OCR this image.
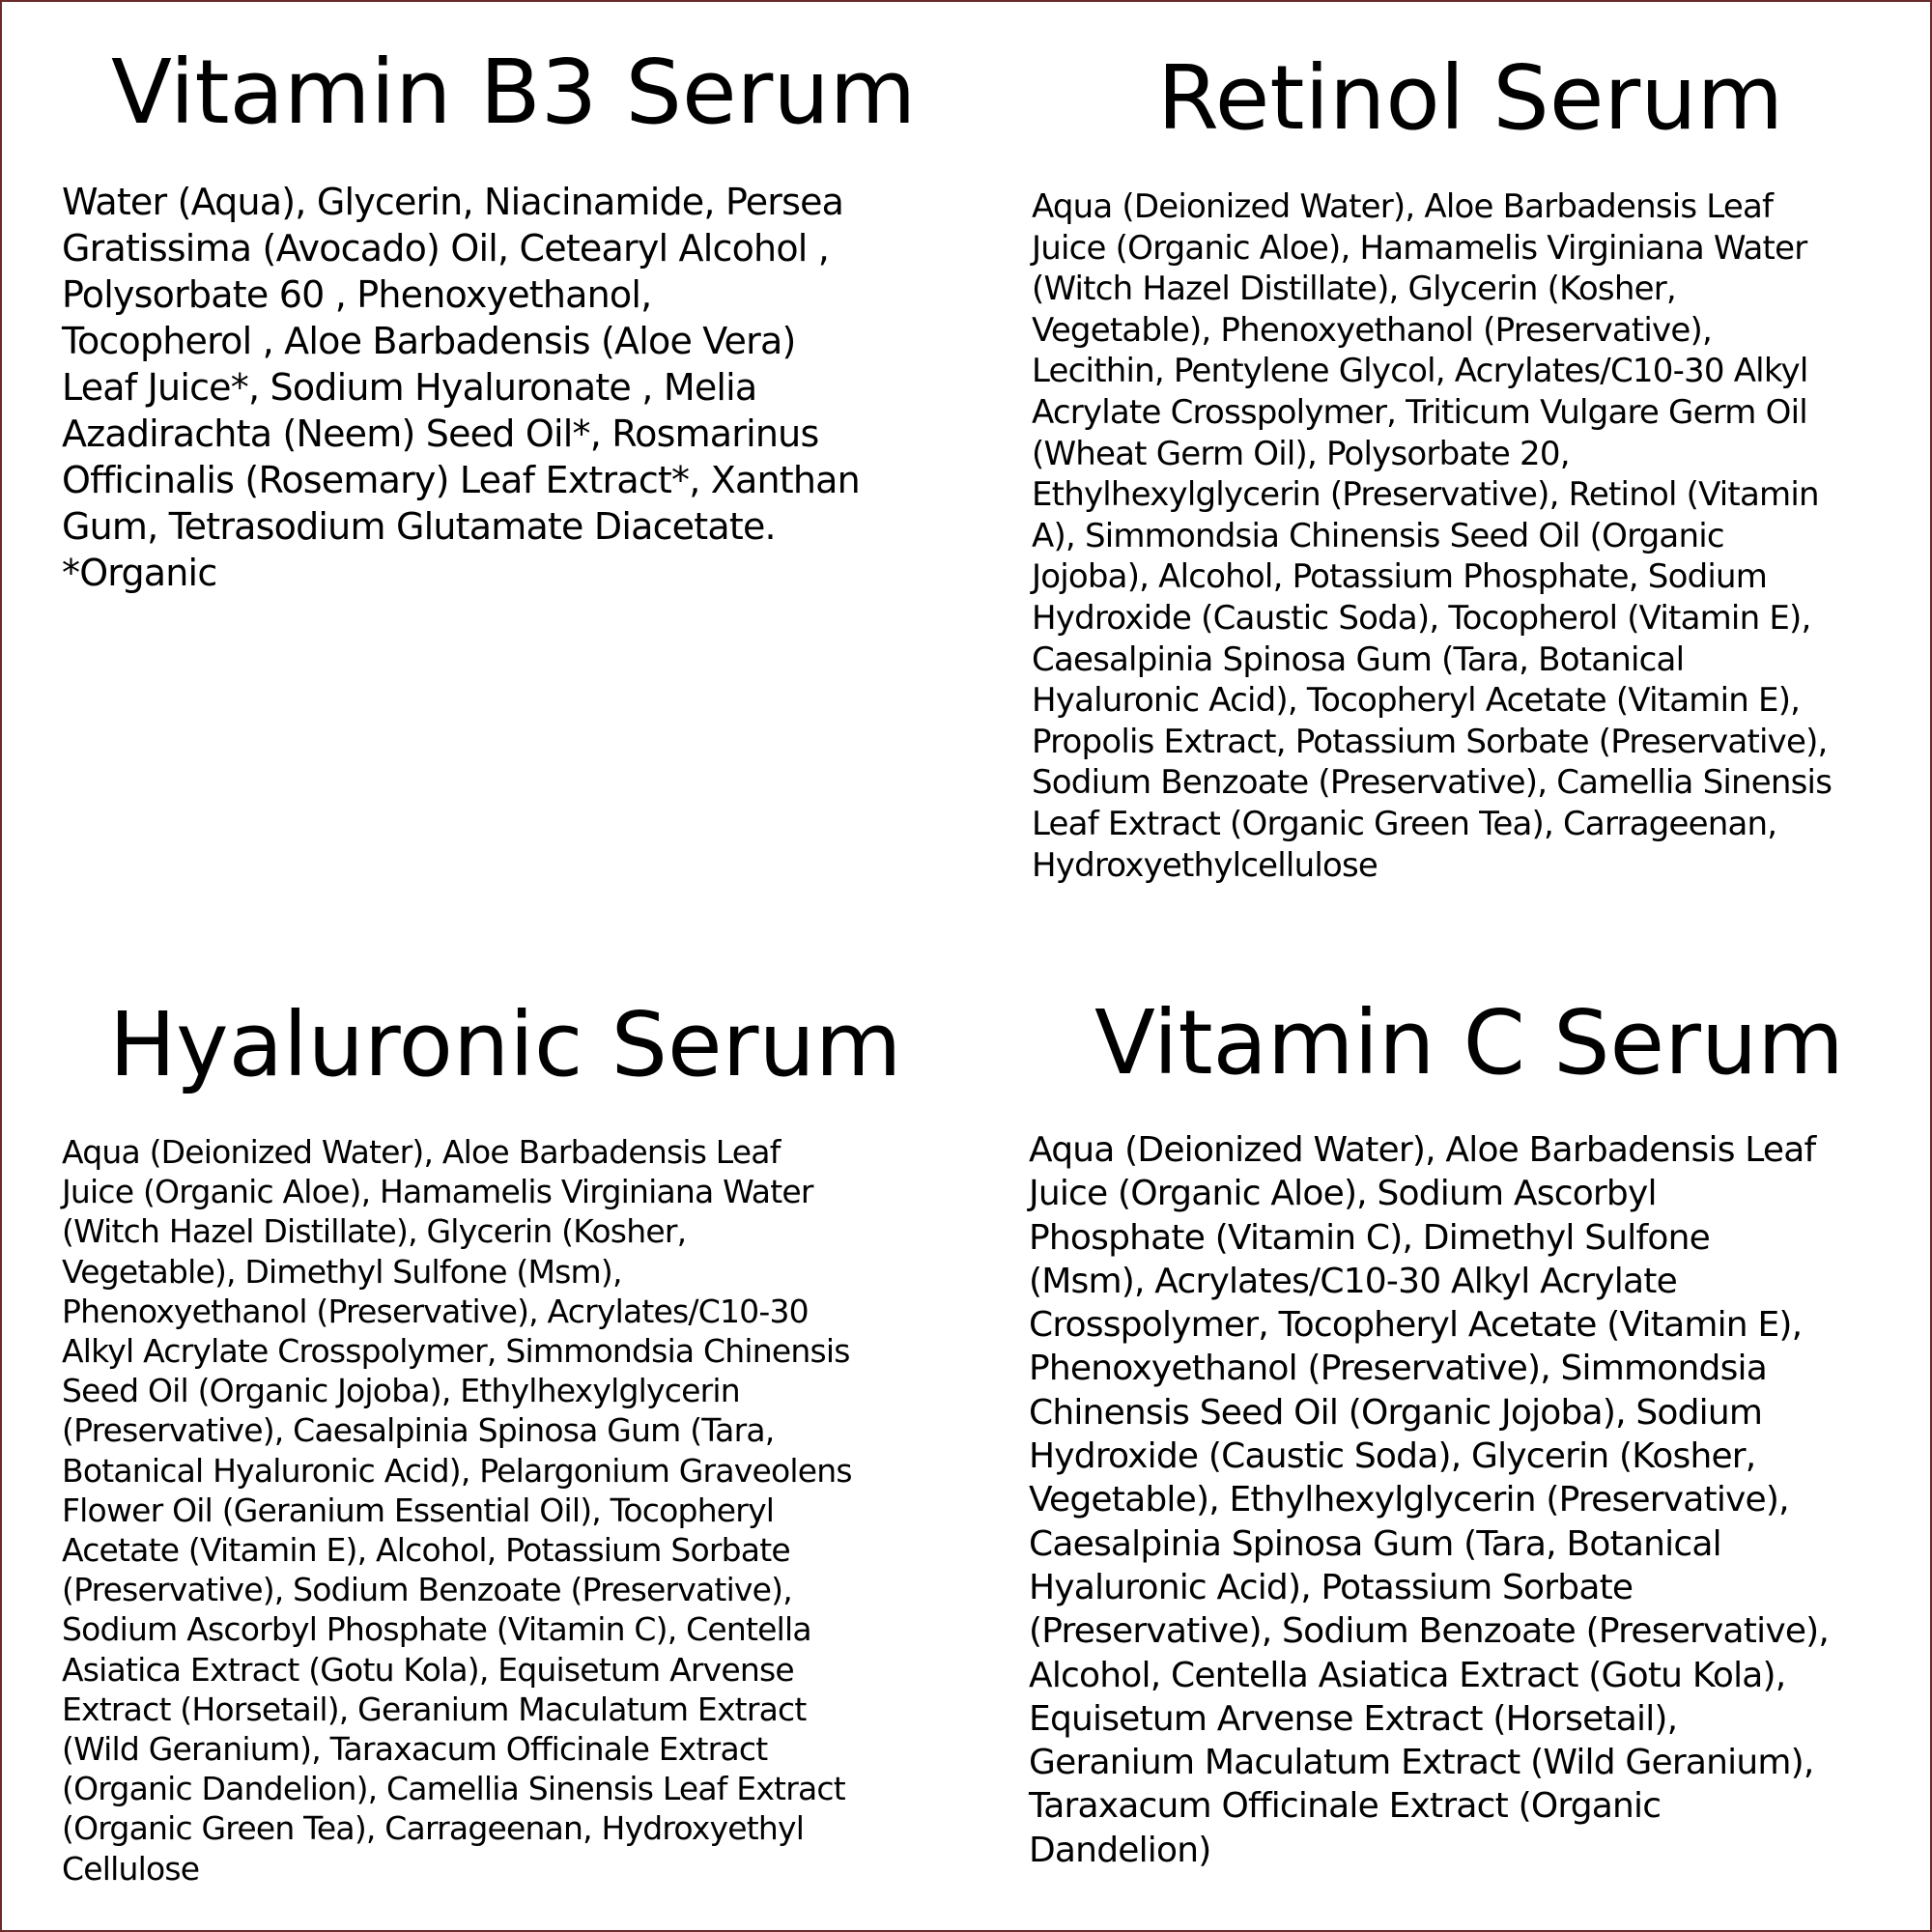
Vitamin B3 Serum
Water (Aqua), Glycerin, Niacinamide, Persea
Gratissima (Avocado) Oil, Cetearyl Alcohol ,
Polysorbate 60 , Phenoxyethanol,
Tocopherol , Aloe Barbadensis (Aloe Vera)
Leaf Juice*, Sodium Hyaluronate , Melia
Azadirachta (Neem) Seed Oil*, Rosmarinus
Officinalis (Rosemary) Leaf Extract*, Xanthan
Gum, Tetrasodium Glutamate Diacetate.
*Organic
Retinol Serum
Aqua (Deionized Water), Aloe Barbadensis Leaf
Juice (Organic Aloe), Hamamelis Virginiana Water
(Witch Hazel Distillate), Glycerin (Kosher,
Vegetable), Phenoxyethanol (Preservative),
Lecithin, Pentylene Glycol, Acrylates/C10-30 Alkyl
Acrylate Crosspolymer, Triticum Vulgare Germ Oil
(Wheat Germ Oil), Polysorbate 20,
Ethylhexylglycerin (Preservative), Retinol (Vitamin
A), Simmondsia Chinensis Seed Oil (Organic
Jojoba), Alcohol, Potassium Phosphate, Sodium
Hydroxide (Caustic Soda), Tocopherol (Vitamin E),
Caesalpinia Spinosa Gum (Tara, Botanical
Hyaluronic Acid), Tocopheryl Acetate (Vitamin E),
Propolis Extract, Potassium Sorbate (Preservative),
Sodium Benzoate (Preservative), Camellia Sinensis
Leaf Extract (Organic Green Tea), Carrageenan,
Hydroxyethylcellulose
Hyaluronic Serum
Aqua (Deionized Water), Aloe Barbadensis Leaf
Juice (Organic Aloe), Hamamelis Virginiana Water
(Witch Hazel Distillate), Glycerin (Kosher,
Vegetable), Dimethyl Sulfone (Msm),
Phenoxyethanol (Preservative), Acrylates/C10-30
Alkyl Acrylate Crosspolymer, Simmondsia Chinensis
Seed Oil (Organic Jojoba), Ethylhexylglycerin
(Preservative), Caesalpinia Spinosa Gum (Tara,
Botanical Hyaluronic Acid), Pelargonium Graveolens
Flower Oil (Geranium Essential Oil), Tocopheryl
Acetate (Vitamin E), Alcohol, Potassium Sorbate
(Preservative), Sodium Benzoate (Preservative),
Sodium Ascorbyl Phosphate (Vitamin C), Centella
Asiatica Extract (Gotu Kola), Equisetum Arvense
Extract (Horsetail), Geranium Maculatum Extract
(Wild Geranium), Taraxacum Officinale Extract
(Organic Dandelion), Camellia Sinensis Leaf Extract
(Organic Green Tea), Carrageenan, Hydroxyethyl
Cellulose
Vitamin C Serum
Aqua (Deionized Water), Aloe Barbadensis Leaf
Juice (Organic Aloe), Sodium Ascorbyl
Phosphate (Vitamin C), Dimethyl Sulfone
(Msm), Acrylates/C10-30 Alkyl Acrylate
Crosspolymer, Tocopheryl Acetate (Vitamin E),
Phenoxyethanol (Preservative), Simmondsia
Chinensis Seed Oil (Organic Jojoba), Sodium
Hydroxide (Caustic Soda), Glycerin (Kosher,
Vegetable), Ethylhexylglycerin (Preservative),
Caesalpinia Spinosa Gum (Tara, Botanical
Hyaluronic Acid), Potassium Sorbate
(Preservative), Sodium Benzoate (Preservative),
Alcohol, Centella Asiatica Extract (Gotu Kola),
Equisetum Arvense Extract (Horsetail),
Geranium Maculatum Extract (Wild Geranium),
Taraxacum Officinale Extract (Organic
Dandelion)
